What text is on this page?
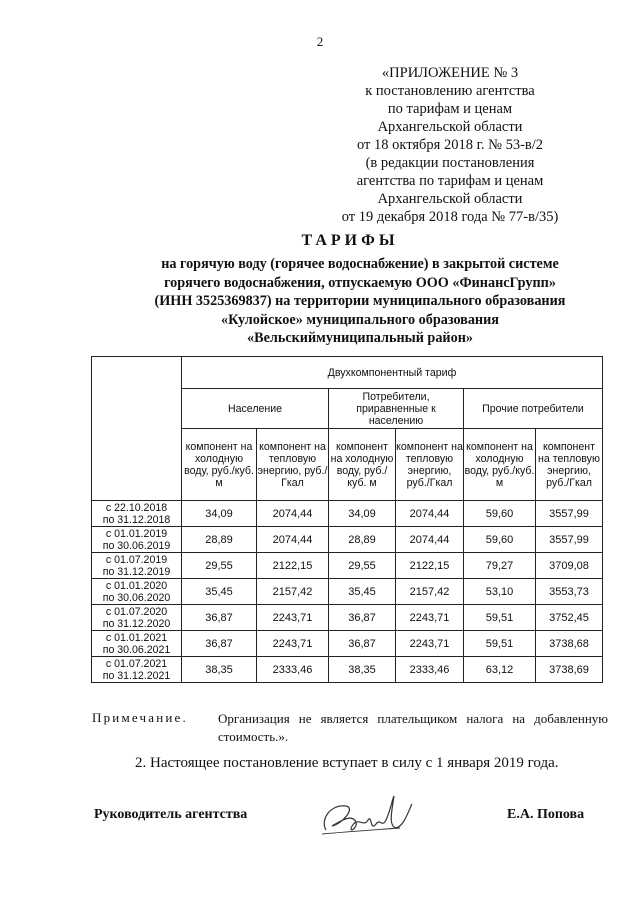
2
«ПРИЛОЖЕНИЕ № 3
к постановлению агентства
по тарифам и ценам
Архангельской области
от 18 октября 2018 г. № 53-в/2
(в редакции постановления
агентства по тарифам и ценам
Архангельской области
от 19 декабря 2018 года № 77-в/35)
ТАРИФЫ
на горячую воду (горячее водоснабжение) в закрытой системе
горячего водоснабжения, отпускаемую ООО «ФинансГрупп»
(ИНН 3525369837) на территории муниципального образования
«Кулойское» муниципального образования
«Вельскиймуниципальный район»
	Двухкомпонентный тариф					
	Население		Потребители, приравненные к населению		Прочие потребители	
	компонент на холодную воду, руб./куб. м	компонент на тепловую энергию, руб./Гкал	компонент на холодную воду, руб./куб. м	компонент на тепловую энергию, руб./Гкал	компонент на холодную воду, руб./куб. м	компонент на тепловую энергию, руб./Гкал

с 22.10.2018
по 31.12.2018	34,09	2074,44	34,09	2074,44	59,60	3557,99

с 01.01.2019
по 30.06.2019	28,89	2074,44	28,89	2074,44	59,60	3557,99

с 01.07.2019
по 31.12.2019	29,55	2122,15	29,55	2122,15	79,27	3709,08

с 01.01.2020
по 30.06.2020	35,45	2157,42	35,45	2157,42	53,10	3553,73

с 01.07.2020
по 31.12.2020	36,87	2243,71	36,87	2243,71	59,51	3752,45

с 01.01.2021
по 30.06.2021	36,87	2243,71	36,87	2243,71	59,51	3738,68

с 01.07.2021
по 31.12.2021	38,35	2333,46	38,35	2333,46	63,12	3738,69
Примечание. Организация не является плательщиком налога на добавленную стоимость.».
2. Настоящее постановление вступает в силу с 1 января 2019 года.
Руководитель агентства	Е.А. Попова
